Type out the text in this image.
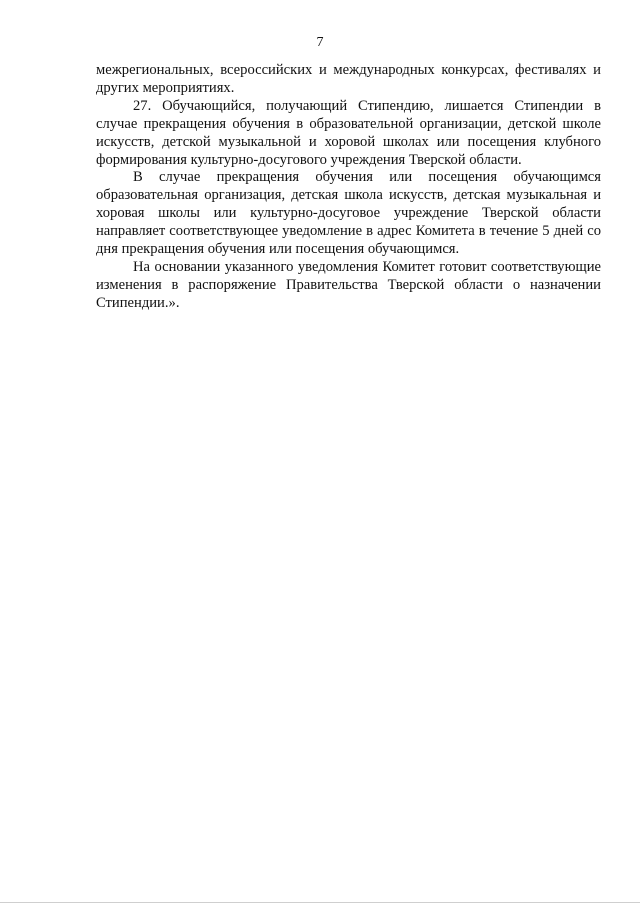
7

межрегиональных, всероссийских и международных конкурсах, фестивалях и других мероприятиях.

27. Обучающийся, получающий Стипендию, лишается Стипендии в случае прекращения обучения в образовательной организации, детской школе искусств, детской музыкальной и хоровой школах или посещения клубного формирования культурно-досугового учреждения Тверской области.

В случае прекращения обучения или посещения обучающимся образовательная организация, детская школа искусств, детская музыкальная и хоровая школы или культурно-досуговое учреждение Тверской области направляет соответствующее уведомление в адрес Комитета в течение 5 дней со дня прекращения обучения или посещения обучающимся.

На основании указанного уведомления Комитет готовит соответствующие изменения в распоряжение Правительства Тверской области о назначении Стипендии.».
